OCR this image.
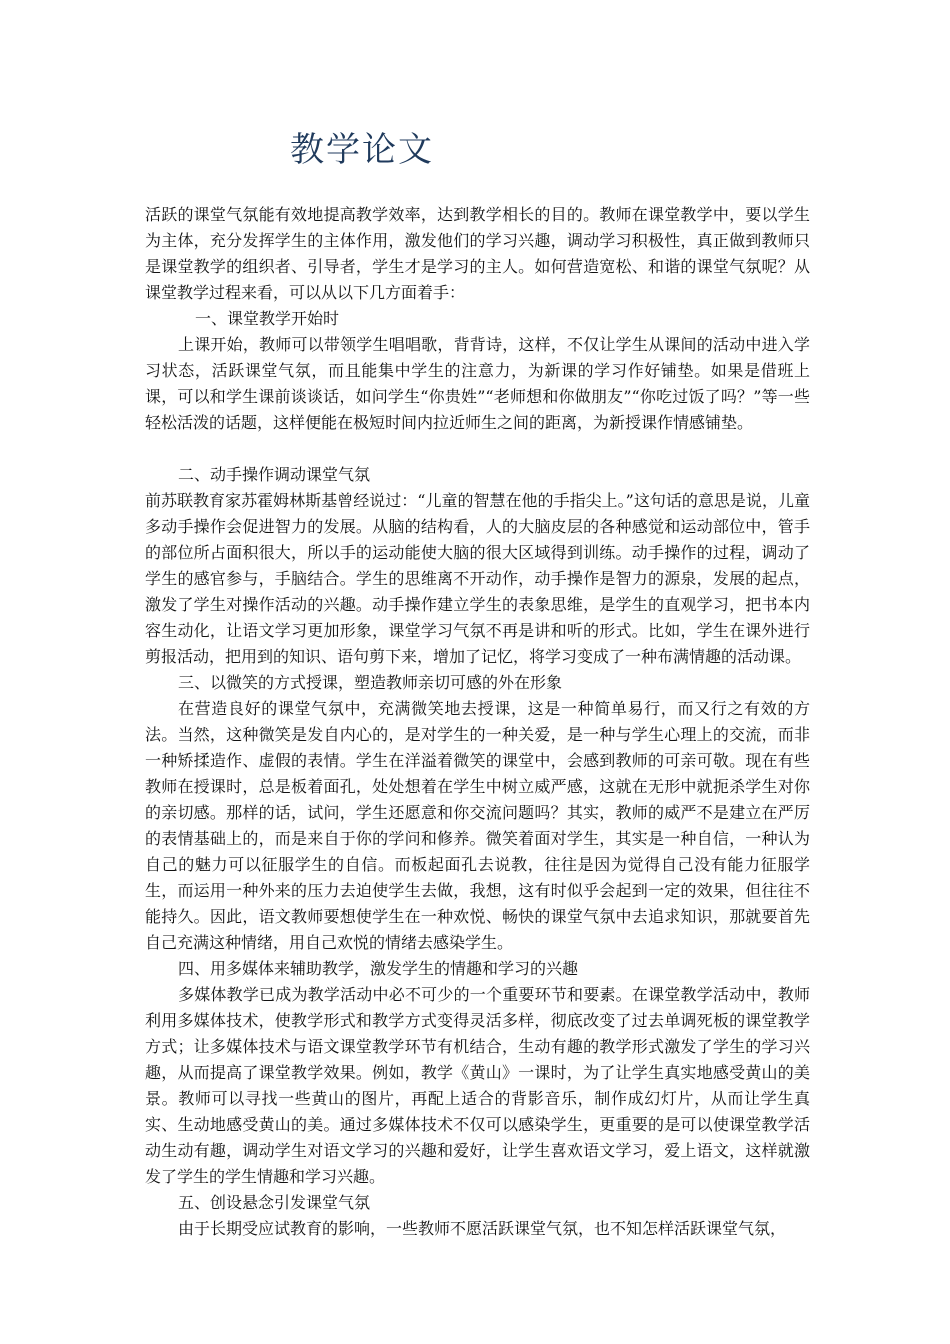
教学论文

活跃的课堂气氛能有效地提高教学效率，达到教学相长的目的。教师在课堂教学中，要以学生为主体，充分发挥学生的主体作用，激发他们的学习兴趣，调动学习积极性，真正做到教师只是课堂教学的组织者、引导者，学生才是学习的主人。如何营造宽松、和谐的课堂气氛呢？从课堂教学过程来看，可以从以下几方面着手：

一、课堂教学开始时

上课开始，教师可以带领学生唱唱歌，背背诗，这样，不仅让学生从课间的活动中进入学习状态，活跃课堂气氛，而且能集中学生的注意力，为新课的学习作好铺垫。如果是借班上课，可以和学生课前谈谈话，如问学生“你贵姓”“老师想和你做朋友”“你吃过饭了吗？”等一些轻松活泼的话题，这样便能在极短时间内拉近师生之间的距离，为新授课作情感铺垫。

二、动手操作调动课堂气氛

前苏联教育家苏霍姆林斯基曾经说过：“儿童的智慧在他的手指尖上。”这句话的意思是说，儿童多动手操作会促进智力的发展。从脑的结构看，人的大脑皮层的各种感觉和运动部位中，管手的部位所占面积很大，所以手的运动能使大脑的很大区域得到训练。动手操作的过程，调动了学生的感官参与，手脑结合。学生的思维离不开动作，动手操作是智力的源泉，发展的起点，激发了学生对操作活动的兴趣。动手操作建立学生的表象思维，是学生的直观学习，把书本内容生动化，让语文学习更加形象，课堂学习气氛不再是讲和听的形式。比如，学生在课外进行剪报活动，把用到的知识、语句剪下来，增加了记忆，将学习变成了一种布满情趣的活动课。

三、以微笑的方式授课，塑造教师亲切可感的外在形象

在营造良好的课堂气氛中，充满微笑地去授课，这是一种简单易行，而又行之有效的方法。当然，这种微笑是发自内心的，是对学生的一种关爱，是一种与学生心理上的交流，而非一种矫揉造作、虚假的表情。学生在洋溢着微笑的课堂中，会感到教师的可亲可敬。现在有些教师在授课时，总是板着面孔，处处想着在学生中树立威严感，这就在无形中就扼杀学生对你的亲切感。那样的话，试问，学生还愿意和你交流问题吗？其实，教师的威严不是建立在严厉的表情基础上的，而是来自于你的学问和修养。微笑着面对学生，其实是一种自信，一种认为自己的魅力可以征服学生的自信。而板起面孔去说教，往往是因为觉得自己没有能力征服学生，而运用一种外来的压力去迫使学生去做，我想，这有时似乎会起到一定的效果，但往往不能持久。因此，语文教师要想使学生在一种欢悦、畅快的课堂气氛中去追求知识，那就要首先自己充满这种情绪，用自己欢悦的情绪去感染学生。

四、用多媒体来辅助教学，激发学生的情趣和学习的兴趣

多媒体教学已成为教学活动中必不可少的一个重要环节和要素。在课堂教学活动中，教师利用多媒体技术，使教学形式和教学方式变得灵活多样，彻底改变了过去单调死板的课堂教学方式；让多媒体技术与语文课堂教学环节有机结合，生动有趣的教学形式激发了学生的学习兴趣，从而提高了课堂教学效果。例如，教学《黄山》一课时，为了让学生真实地感受黄山的美景。教师可以寻找一些黄山的图片，再配上适合的背影音乐，制作成幻灯片，从而让学生真实、生动地感受黄山的美。通过多媒体技术不仅可以感染学生，更重要的是可以使课堂教学活动生动有趣，调动学生对语文学习的兴趣和爱好，让学生喜欢语文学习，爱上语文，这样就激发了学生的学生情趣和学习兴趣。

五、创设悬念引发课堂气氛

由于长期受应试教育的影响，一些教师不愿活跃课堂气氛，也不知怎样活跃课堂气氛，
